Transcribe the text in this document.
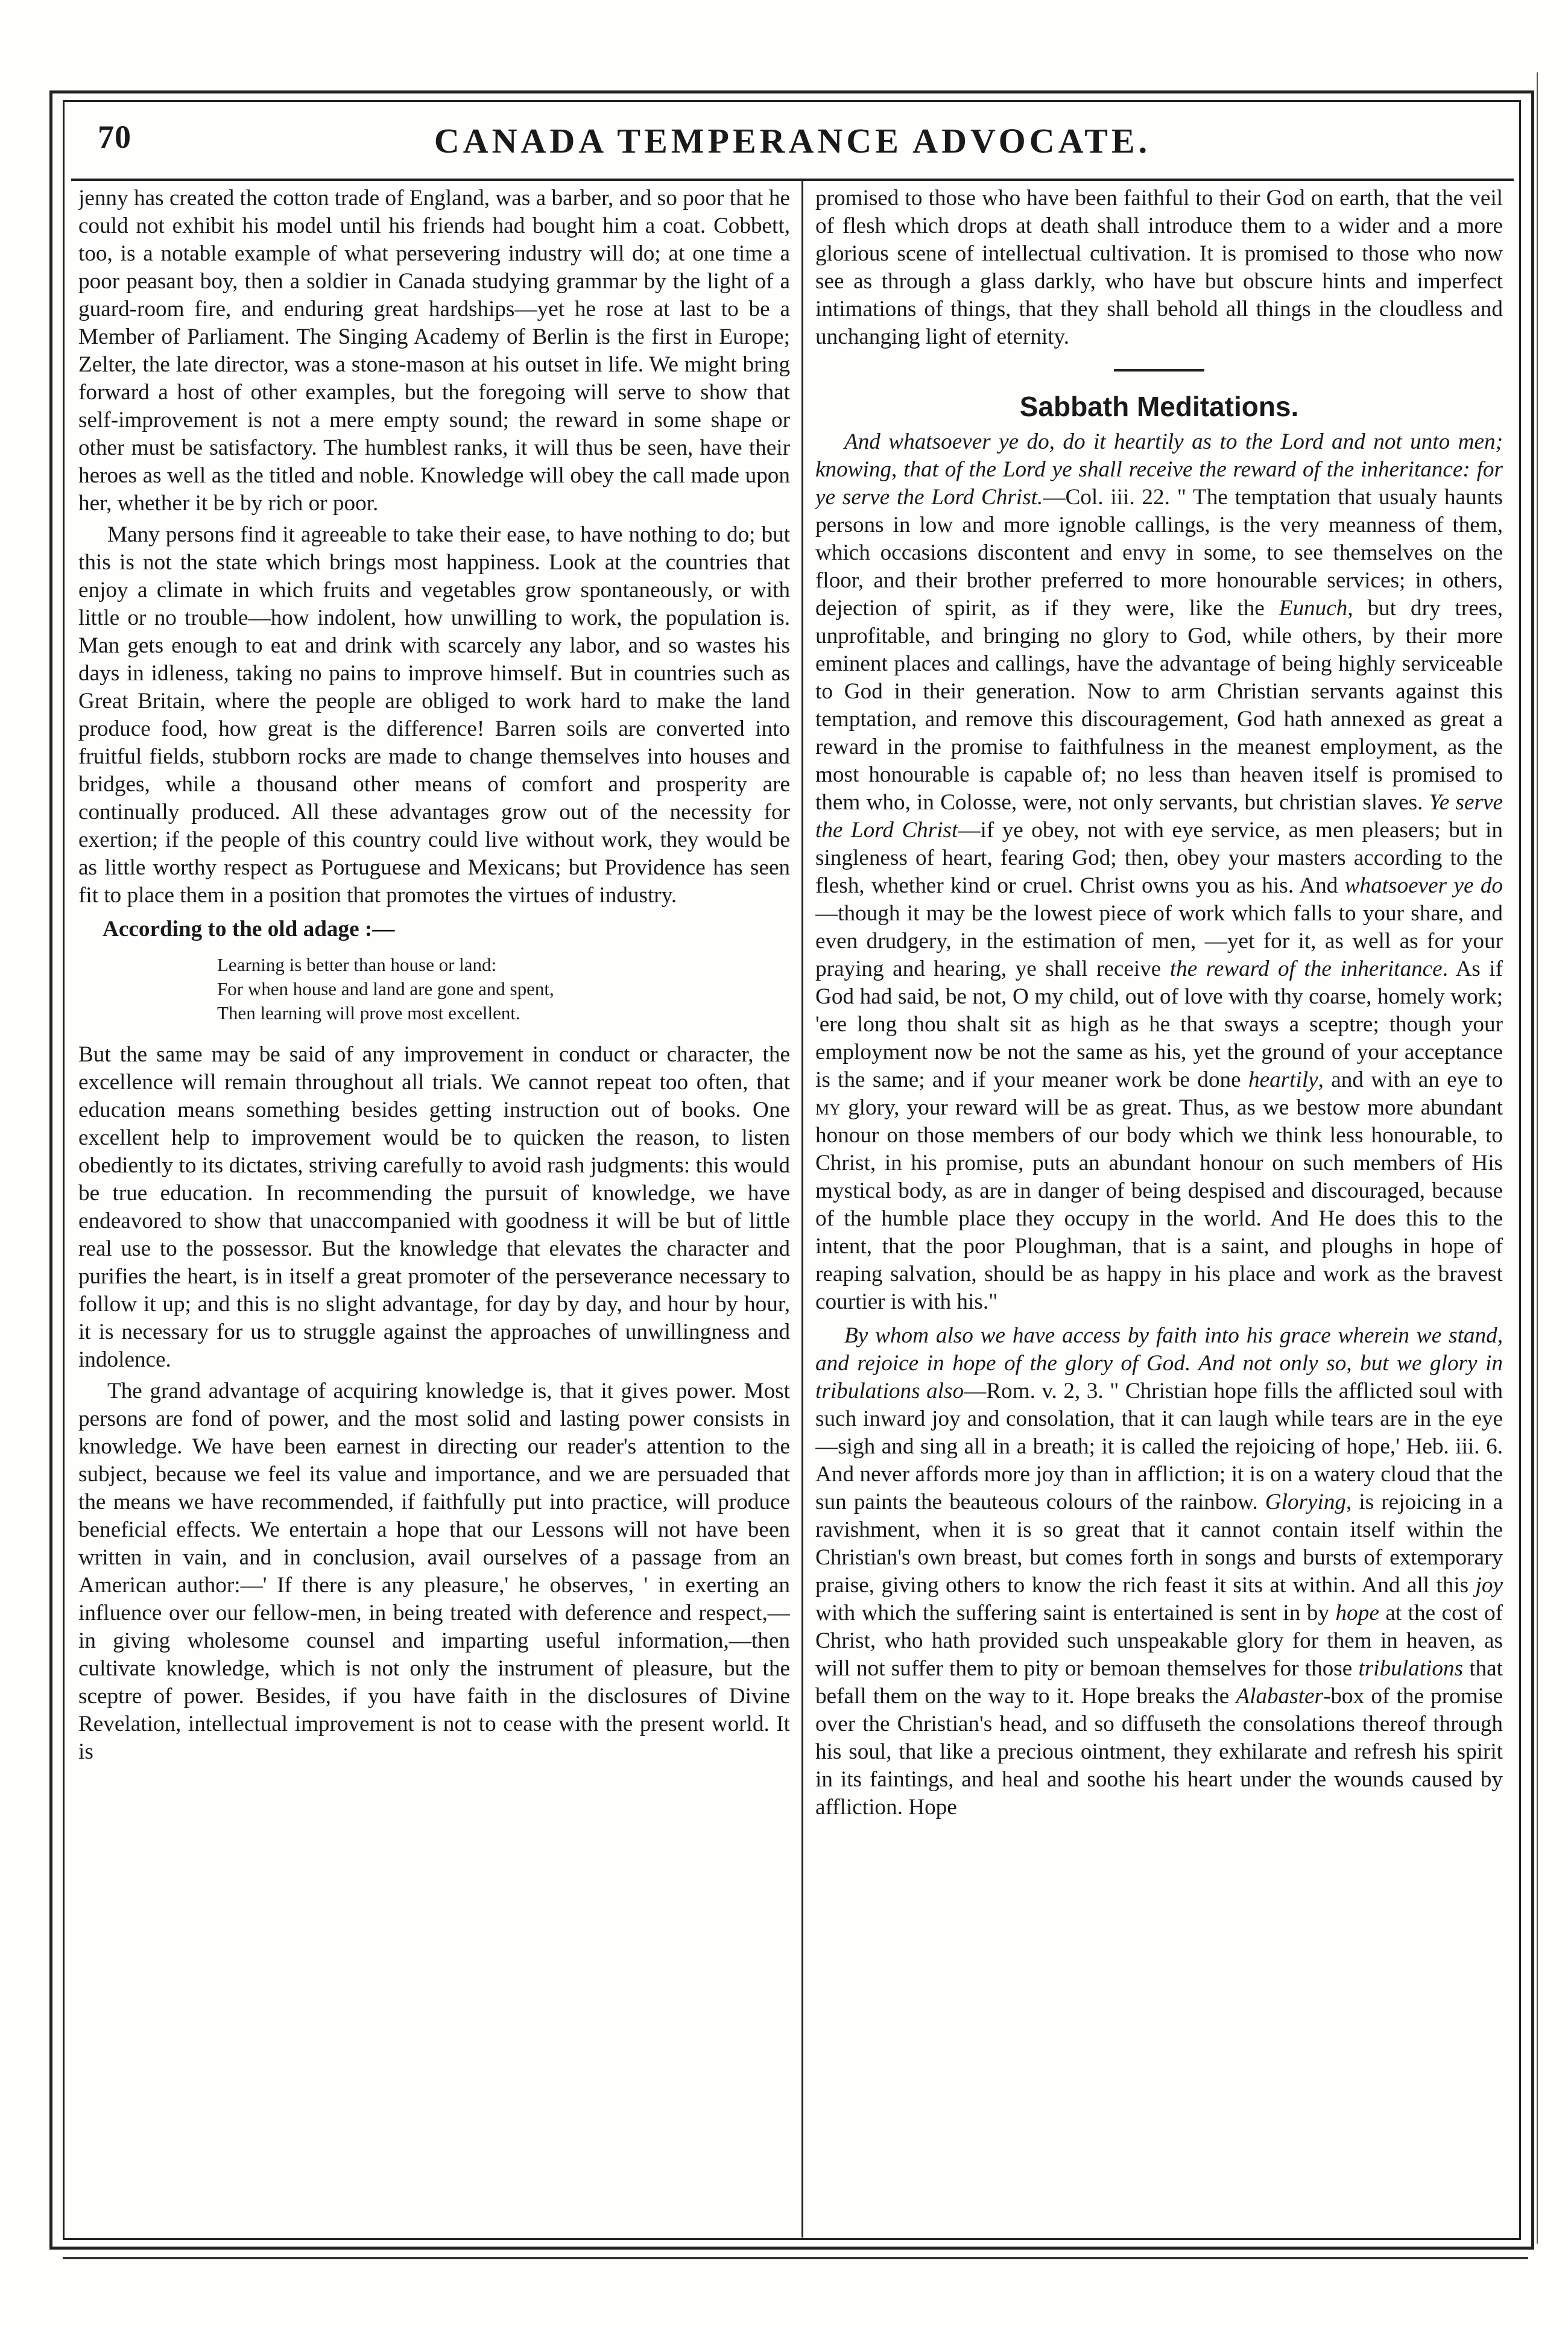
70	CANADA TEMPERANCE ADVOCATE.

jenny has created the cotton trade of England, was a barber, and so poor that he could not exhibit his model until his friends had bought him a coat. Cobbett, too, is a notable example of what persevering industry will do; at one time a poor peasant boy, then a soldier in Canada studying grammar by the light of a guard-room fire, and enduring great hardships—yet he rose at last to be a Member of Parliament. The Singing Academy of Berlin is the first in Europe; Zelter, the late director, was a stone-mason at his outset in life. We might bring forward a host of other examples, but the foregoing will serve to show that self-improvement is not a mere empty sound; the reward in some shape or other must be satisfactory. The humblest ranks, it will thus be seen, have their heroes as well as the titled and noble. Knowledge will obey the call made upon her, whether it be by rich or poor.

Many persons find it agreeable to take their ease, to have nothing to do; but this is not the state which brings most happiness. Look at the countries that enjoy a climate in which fruits and vegetables grow spontaneously, or with little or no trouble—how indolent, how unwilling to work, the population is. Man gets enough to eat and drink with scarcely any labor, and so wastes his days in idleness, taking no pains to improve himself. But in countries such as Great Britain, where the people are obliged to work hard to make the land produce food, how great is the difference! Barren soils are converted into fruitful fields, stubborn rocks are made to change themselves into houses and bridges, while a thousand other means of comfort and prosperity are continually produced. All these advantages grow out of the necessity for exertion; if the people of this country could live without work, they would be as little worthy respect as Portuguese and Mexicans; but Providence has seen fit to place them in a position that promotes the virtues of industry.

According to the old adage :—

Learning is better than house or land:
For when house and land are gone and spent,
Then learning will prove most excellent.

But the same may be said of any improvement in conduct or character, the excellence will remain throughout all trials. We cannot repeat too often, that education means something besides getting instruction out of books. One excellent help to improvement would be to quicken the reason, to listen obediently to its dictates, striving carefully to avoid rash judgments: this would be true education. In recommending the pursuit of knowledge, we have endeavored to show that unaccompanied with goodness it will be but of little real use to the possessor. But the knowledge that elevates the character and purifies the heart, is in itself a great promoter of the perseverance necessary to follow it up; and this is no slight advantage, for day by day, and hour by hour, it is necessary for us to struggle against the approaches of unwillingness and indolence.

The grand advantage of acquiring knowledge is, that it gives power. Most persons are fond of power, and the most solid and lasting power consists in knowledge. We have been earnest in directing our reader's attention to the subject, because we feel its value and importance, and we are persuaded that the means we have recommended, if faithfully put into practice, will produce beneficial effects. We entertain a hope that our Lessons will not have been written in vain, and in conclusion, avail ourselves of a passage from an American author:—' If there is any pleasure,' he observes, ' in exerting an influence over our fellow-men, in being treated with deference and respect,—in giving wholesome counsel and imparting useful information,—then cultivate knowledge, which is not only the instrument of pleasure, but the sceptre of power. Besides, if you have faith in the disclosures of Divine Revelation, intellectual improvement is not to cease with the present world. It is

promised to those who have been faithful to their God on earth, that the veil of flesh which drops at death shall introduce them to a wider and a more glorious scene of intellectual cultivation. It is promised to those who now see as through a glass darkly, who have but obscure hints and imperfect intimations of things, that they shall behold all things in the cloudless and unchanging light of eternity.

Sabbath Meditations.

And whatsoever ye do, do it heartily as to the Lord and not unto men; knowing, that of the Lord ye shall receive the reward of the inheritance: for ye serve the Lord Christ.—Col. iii. 22. " The temptation that usualy haunts persons in low and more ignoble callings, is the very meanness of them, which occasions discontent and envy in some, to see themselves on the floor, and their brother preferred to more honourable services; in others, dejection of spirit, as if they were, like the Eunuch, but dry trees, unprofitable, and bringing no glory to God, while others, by their more eminent places and callings, have the advantage of being highly serviceable to God in their generation. Now to arm Christian servants against this temptation, and remove this discouragement, God hath annexed as great a reward in the promise to faithfulness in the meanest employment, as the most honourable is capable of; no less than heaven itself is promised to them who, in Colosse, were, not only servants, but christian slaves. Ye serve the Lord Christ—if ye obey, not with eye service, as men pleasers; but in singleness of heart, fearing God; then, obey your masters according to the flesh, whether kind or cruel. Christ owns you as his. And whatsoever ye do—though it may be the lowest piece of work which falls to your share, and even drudgery, in the estimation of men, —yet for it, as well as for your praying and hearing, ye shall receive the reward of the inheritance. As if God had said, be not, O my child, out of love with thy coarse, homely work; 'ere long thou shalt sit as high as he that sways a sceptre; though your employment now be not the same as his, yet the ground of your acceptance is the same; and if your meaner work be done heartily, and with an eye to my glory, your reward will be as great. Thus, as we bestow more abundant honour on those members of our body which we think less honourable, to Christ, in his promise, puts an abundant honour on such members of His mystical body, as are in danger of being despised and discouraged, because of the humble place they occupy in the world. And He does this to the intent, that the poor Ploughman, that is a saint, and ploughs in hope of reaping salvation, should be as happy in his place and work as the bravest courtier is with his."

By whom also we have access by faith into his grace wherein we stand, and rejoice in hope of the glory of God. And not only so, but we glory in tribulations also—Rom. v. 2, 3. " Christian hope fills the afflicted soul with such inward joy and consolation, that it can laugh while tears are in the eye —sigh and sing all in a breath; it is called the rejoicing of hope,' Heb. iii. 6. And never affords more joy than in affliction; it is on a watery cloud that the sun paints the beauteous colours of the rainbow. Glorying, is rejoicing in a ravishment, when it is so great that it cannot contain itself within the Christian's own breast, but comes forth in songs and bursts of extemporary praise, giving others to know the rich feast it sits at within. And all this joy with which the suffering saint is entertained is sent in by hope at the cost of Christ, who hath provided such unspeakable glory for them in heaven, as will not suffer them to pity or bemoan themselves for those tribulations that befall them on the way to it. Hope breaks the Alabaster-box of the promise over the Christian's head, and so diffuseth the consolations thereof through his soul, that like a precious ointment, they exhilarate and refresh his spirit in its faintings, and heal and soothe his heart under the wounds caused by affliction. Hope
